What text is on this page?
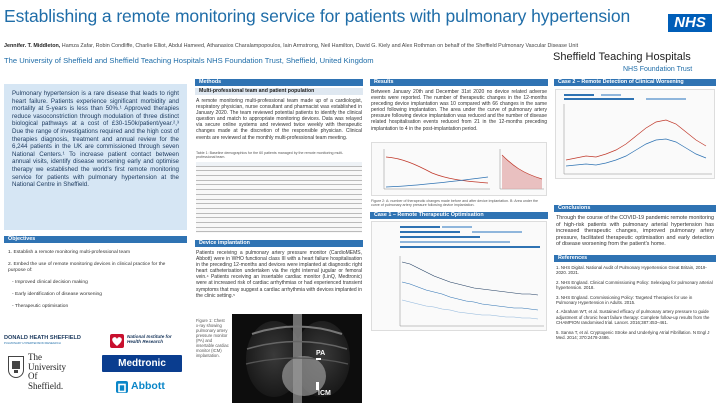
Establishing a remote monitoring service for patients with pulmonary hypertension
Jennifer. T. Middleton, Hamza Zafar, Robin Condliffe, Charlie Elliot, Abdul Hameed, Athanasios Charalampopoulos, Iain Armstrong, Neil Hamilton, David G. Kiely and Alex Rothman on behalf of the Sheffield Pulmonary Vascular Disease Unit
The University of Sheffield and Sheffield Teaching Hospitals NHS Foundation Trust, Sheffield, United Kingdom
NHS
Sheffield Teaching Hospitals
NHS Foundation Trust

Pulmonary hypertension is a rare disease that leads to right heart failure. Patients experience significant morbidity and mortality at 5-years is less than 50%.¹ Approved therapies reduce vasoconstriction through modulation of three distinct biological pathways at a cost of £30-150k/patient/year.²,³ Due the range of investigations required and the high cost of therapies diagnosis, treatment and annual review for the 6,244 patients in the UK are commissioned through seven National Centers.¹ To increase patient contact between annual visits, identify disease worsening early and optimise therapy we established the world's first remote monitoring service for patients with pulmonary hypertension at the National Centre in Sheffield.

Objectives
1. Establish a remote monitoring multi-professional team
2. Embed the use of remote monitoring devices in clinical practice for the purpose of:
- Improved clinical decision making
- Early identification of disease worsening
- Therapeutic optimisation
DONALD HEATH SHEFFIELD
PULMONARY HYPERTENSION RESEARCH
National Institute for Health Research
The
University
Of
Sheffield.
Medtronic
Abbott
Methods
Multi-professional team and patient population

A remote monitoring multi-professional team made up of a cardiologist, respiratory physician, nurse consultant and pharmacist was established in January 2020. The team reviewed potential patients to identify the clinical question and match to appropriate monitoring devices. Data was relayed via secure online systems and reviewed twice weekly with therapeutic changes made at the discretion of the responsible physician. Clinical events are reviewed at the monthly multi-professional team meeting.

Table 1: Baseline demographics for the 60 patients managed by the remote monitoring multi-professional team.

Device implantation

Patients receiving a pulmonary artery pressure monitor (CardioMEMS, Abbott) were in WHO functional class III with a heart failure hospitalisation in the preceding 12-months and devices were implanted at diagnostic right heart catheterisation undertaken via the right internal jugular or femoral vein.⁴ Patients receiving an insertable cardiac monitor (LinQ, Medtronic) were at increased risk of cardiac arrhythmias or had experienced transient symptoms that may suggest a cardiac arrhythmia with devices implanted in the clinic setting.⁵

Figure 1: Chest x-ray showing pulmonary artery pressure monitor (PA) and insertable cardiac monitor (ICM) implantation.	PA
ICM
Results

Between January 20th and December 31st 2020 no device related adverse events were reported. The number of therapeutic changes in the 12-months preceding device implantation was 10 compared with 66 changes in the same period following implantation. The area under the curve of pulmonary artery pressure following device implantation was reduced and the number of disease related hospitalisation events reduced from 21 in the 12-months preceding implantation to 4 in the post-implantation period.

Figure 2: A: number of therapeutic changes made before and after device implantation. B: Area under the curve of pulmonary artery pressure following device implantation.

Case 1 – Remote Therapeutic Optimisation
Case 2 – Remote Detection of Clinical Worsening

Conclusions

Through the course of the COVID-19 pandemic remote monitoring of high-risk patients with pulmonary arterial hypertension has increased therapeutic changes, improved pulmonary artery pressure, facilitated therapeutic optimisation and early detection of disease worsening from the patient's home.

References
1. NHS Digital. National Audit of Pulmonary Hypertension Great Britain, 2019-2020. 2021.
2. NHS England. Clinical Commissioning Policy: Selexipag for pulmonary arterial hypertension. 2018.
3. NHS England. Commissioning Policy: Targeted Therapies for use in Pulmonary Hypertension in Adults. 2015.
4. Abraham WT, et al. Sustained efficacy of pulmonary artery pressure to guide adjustment of chronic heart failure therapy: Complete follow-up results from the CHAMPION randomised trial. Lancet. 2016;387:453–461.
5. Sanna T, et al. Cryptogenic Stroke and Underlying Atrial Fibrillation. N Engl J Med. 2014; 370:2478-2486.
